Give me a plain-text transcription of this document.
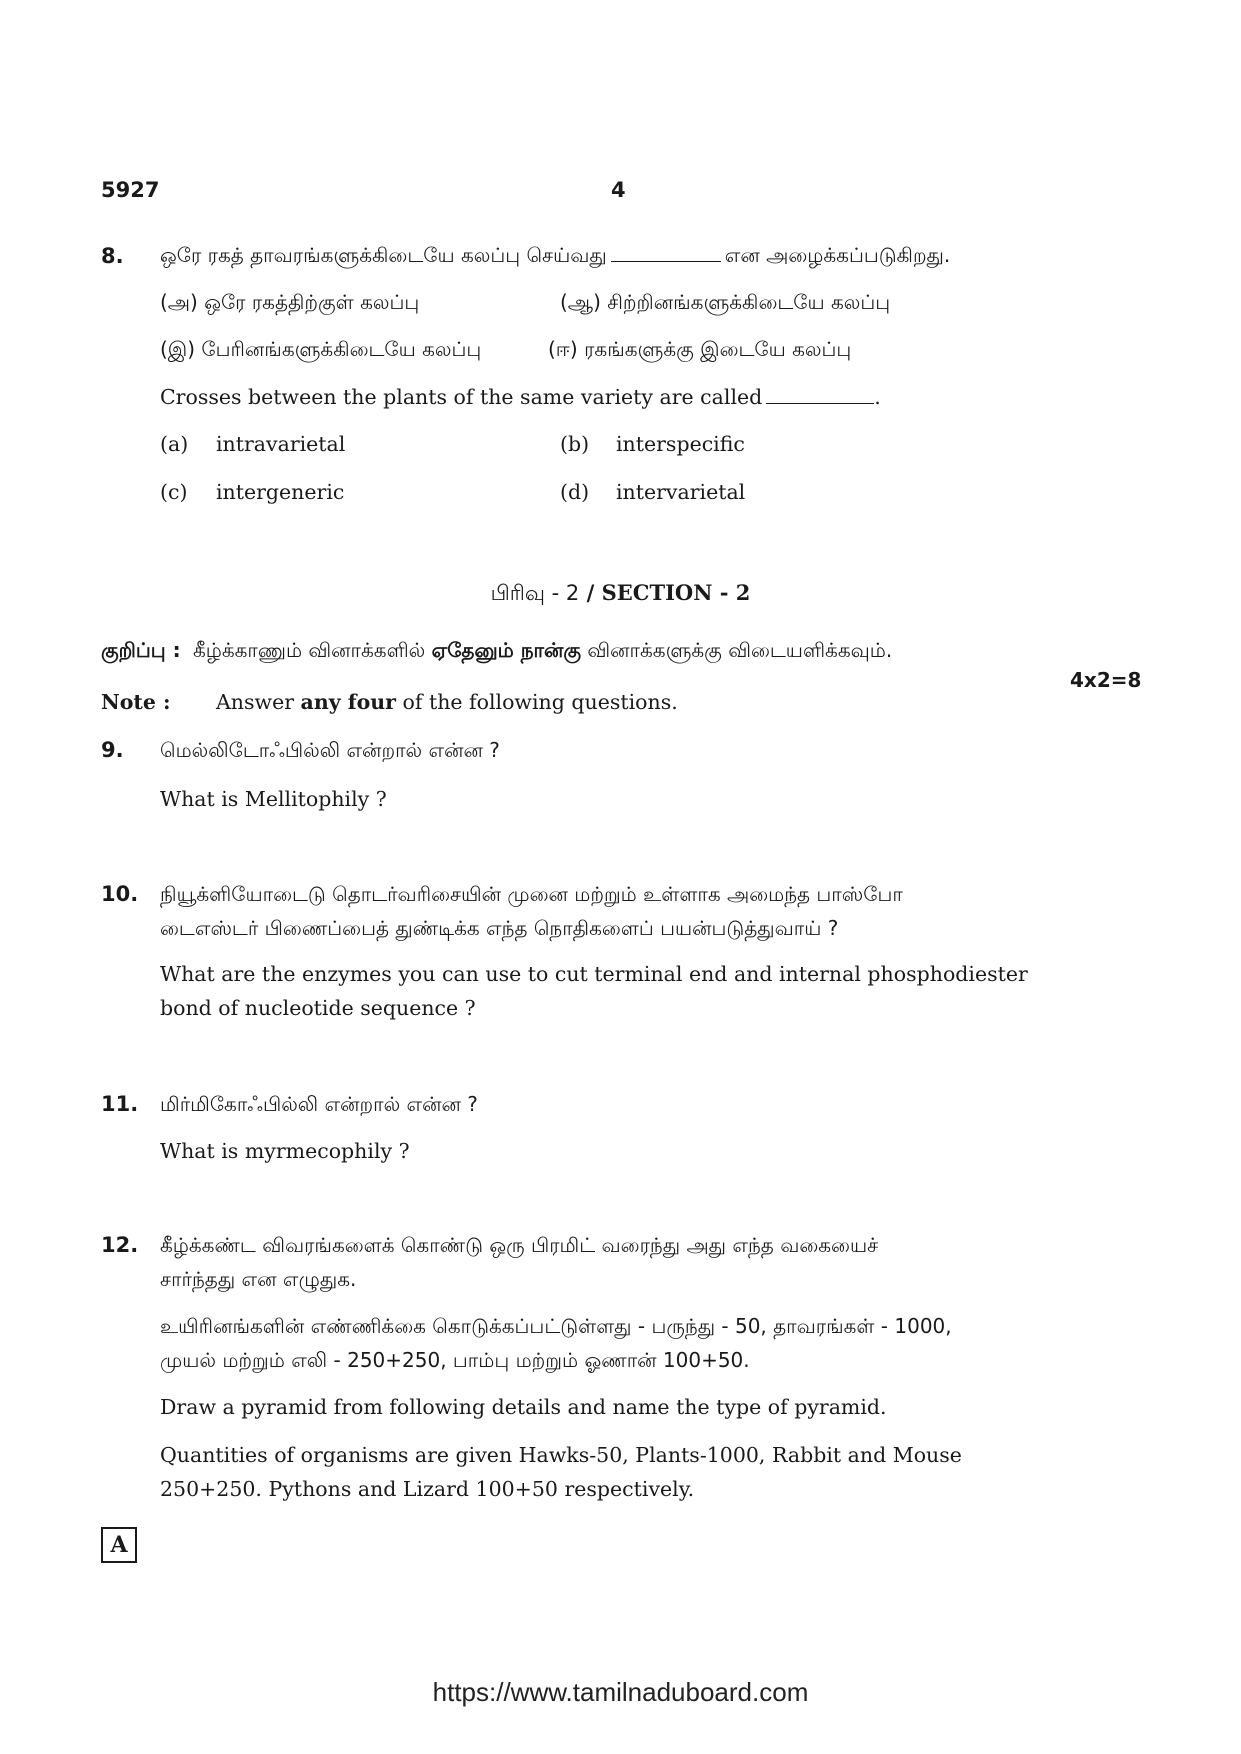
5927	4
8. ஒரே ரகத் தாவரங்களுக்கிடையே கலப்பு செய்வது	என அழைக்கப்படுகிறது.
(அ) ஒரே ரகத்திற்குள் கலப்பு	(ஆ) சிற்றினங்களுக்கிடையே கலப்பு
(இ) பேரினங்களுக்கிடையே கலப்பு	(ஈ) ரகங்களுக்கு இடையே கலப்பு
Crosses between the plants of the same variety are called	.
(a) intravarietal	(b) interspecific
(c) intergeneric	(d) intervarietal
பிரிவு - 2 / SECTION - 2
குறிப்பு : கீழ்க்காணும் வினாக்களில் ஏதேனும் நான்கு வினாக்களுக்கு விடையளிக்கவும்.
4x2=8
Note : Answer any four of the following questions.
9. மெல்லிடோஃபில்லி என்றால் என்ன ?
What is Mellitophily ?
10. நியூக்ளியோடைடு தொடர்வரிசையின் முனை மற்றும் உள்ளாக அமைந்த பாஸ்போ
டைஎஸ்டர் பிணைப்பைத் துண்டிக்க எந்த நொதிகளைப் பயன்படுத்துவாய் ?
What are the enzymes you can use to cut terminal end and internal phosphodiester
bond of nucleotide sequence ?
11. மிர்மிகோஃபில்லி என்றால் என்ன ?
What is myrmecophily ?
12. கீழ்க்கண்ட விவரங்களைக் கொண்டு ஒரு பிரமிட் வரைந்து அது எந்த வகையைச்
சார்ந்தது என எழுதுக.
உயிரினங்களின் எண்ணிக்கை கொடுக்கப்பட்டுள்ளது - பருந்து - 50, தாவரங்கள் - 1000,
முயல் மற்றும் எலி - 250+250, பாம்பு மற்றும் ஓணான் 100+50.
Draw a pyramid from following details and name the type of pyramid.
Quantities of organisms are given Hawks-50, Plants-1000, Rabbit and Mouse
250+250. Pythons and Lizard 100+50 respectively.
A
https://www.tamilnaduboard.com
